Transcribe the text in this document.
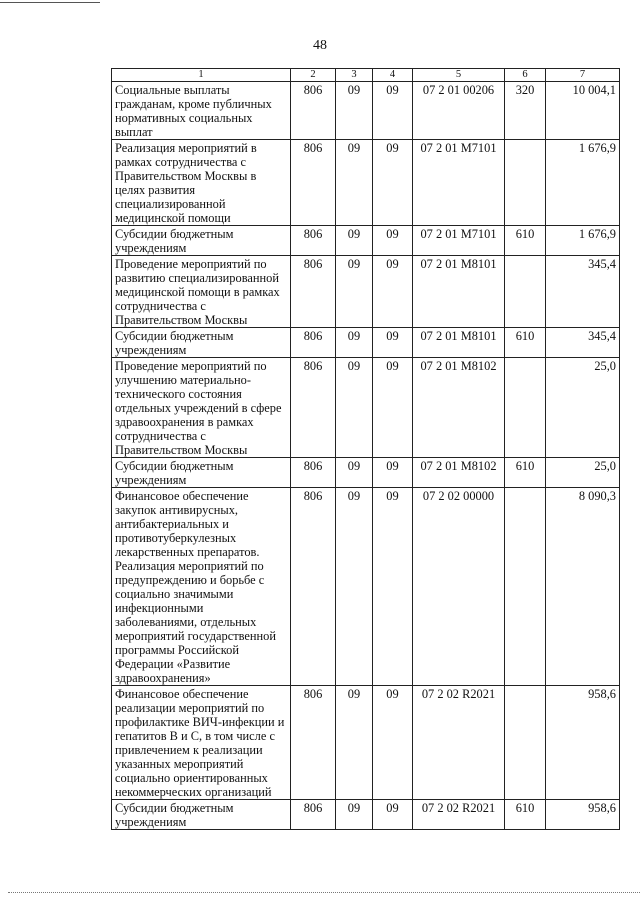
48
1	2	3	4	5	6	7
Социальные выплаты гражданам, кроме публичных нормативных социальных выплат	806	09	09	07 2 01 00206	320	10 004,1
Реализация мероприятий в рамках сотрудничества с Правительством Москвы в целях развития специализированной медицинской помощи	806	09	09	07 2 01 M7101		1 676,9
Субсидии бюджетным учреждениям	806	09	09	07 2 01 M7101	610	1 676,9
Проведение мероприятий по развитию специализированной медицинской помощи в рамках сотрудничества с Правительством Москвы	806	09	09	07 2 01 M8101		345,4
Субсидии бюджетным учреждениям	806	09	09	07 2 01 M8101	610	345,4
Проведение мероприятий по улучшению материально-технического состояния отдельных учреждений в сфере здравоохранения в рамках сотрудничества с Правительством Москвы	806	09	09	07 2 01 M8102		25,0
Субсидии бюджетным учреждениям	806	09	09	07 2 01 M8102	610	25,0
Финансовое обеспечение закупок антивирусных, антибактериальных и противотуберкулезных лекарственных препаратов. Реализация мероприятий по предупреждению и борьбе с социально значимыми инфекционными заболеваниями, отдельных мероприятий государственной программы Российской Федерации «Развитие здравоохранения»	806	09	09	07 2 02 00000		8 090,3
Финансовое обеспечение реализации мероприятий по профилактике ВИЧ-инфекции и гепатитов B и C, в том числе с привлечением к реализации указанных мероприятий социально ориентированных некоммерческих организаций	806	09	09	07 2 02 R2021		958,6
Субсидии бюджетным учреждениям	806	09	09	07 2 02 R2021	610	958,6
